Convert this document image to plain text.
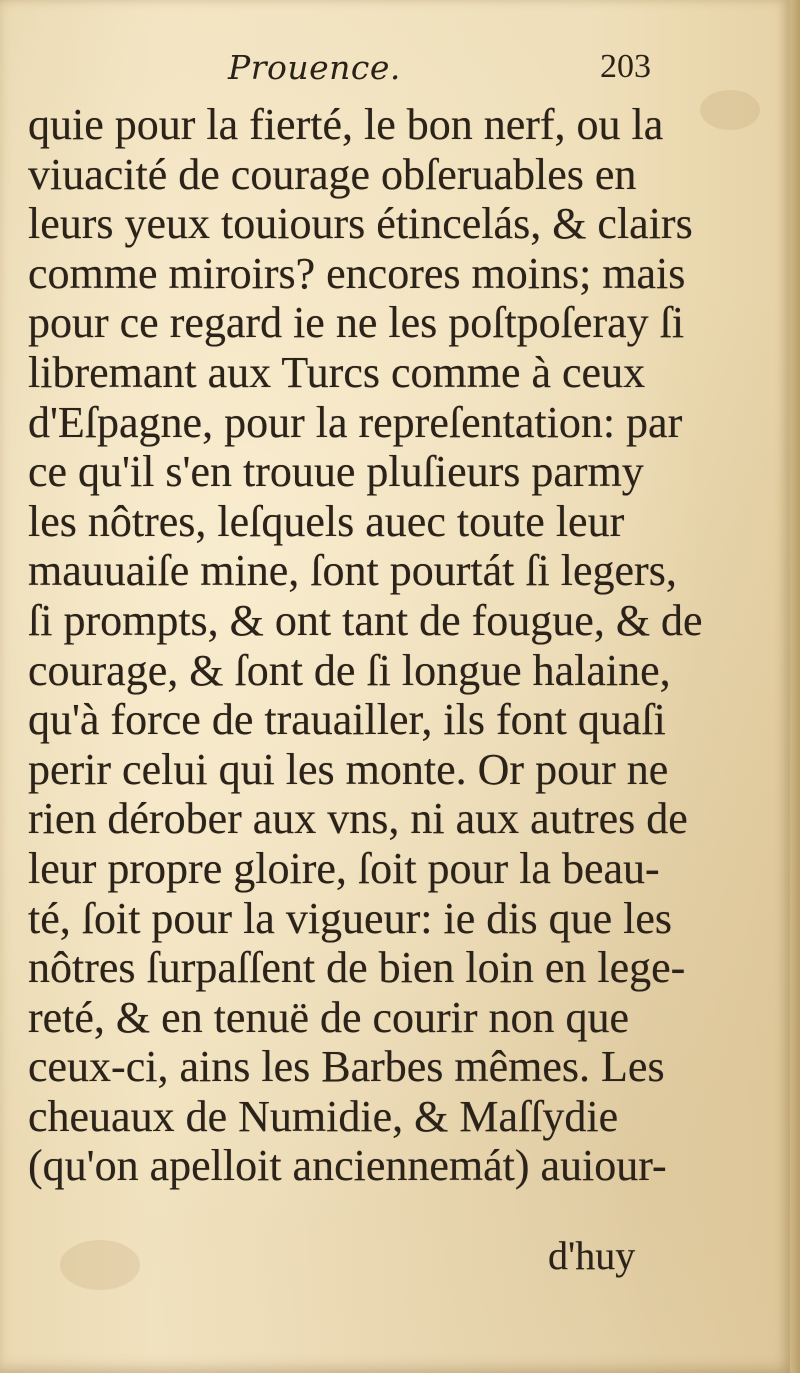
Prouence.	203
quie pour la fierté, le bon nerf, ou la
viuacité de courage obſeruables en
leurs yeux touiours étincelás, & clairs
comme miroirs? encores moins; mais
pour ce regard ie ne les poſtpoſeray ſi
libremant aux Turcs comme à ceux
d'Eſpagne, pour la repreſentation: par
ce qu'il s'en trouue pluſieurs parmy
les nôtres, leſquels auec toute leur
mauuaiſe mine, ſont pourtát ſi legers,
ſi prompts, & ont tant de fougue, & de
courage, & ſont de ſi longue halaine,
qu'à force de trauailler, ils font quaſi
perir celui qui les monte. Or pour ne
rien dérober aux vns, ni aux autres de
leur propre gloire, ſoit pour la beau-
té, ſoit pour la vigueur: ie dis que les
nôtres ſurpaſſent de bien loin en lege-
reté, & en tenuë de courir non que
ceux-ci, ains les Barbes mêmes. Les
cheuaux de Numidie, & Maſſydie
(qu'on apelloit anciennemát) auiour-
d'huy
